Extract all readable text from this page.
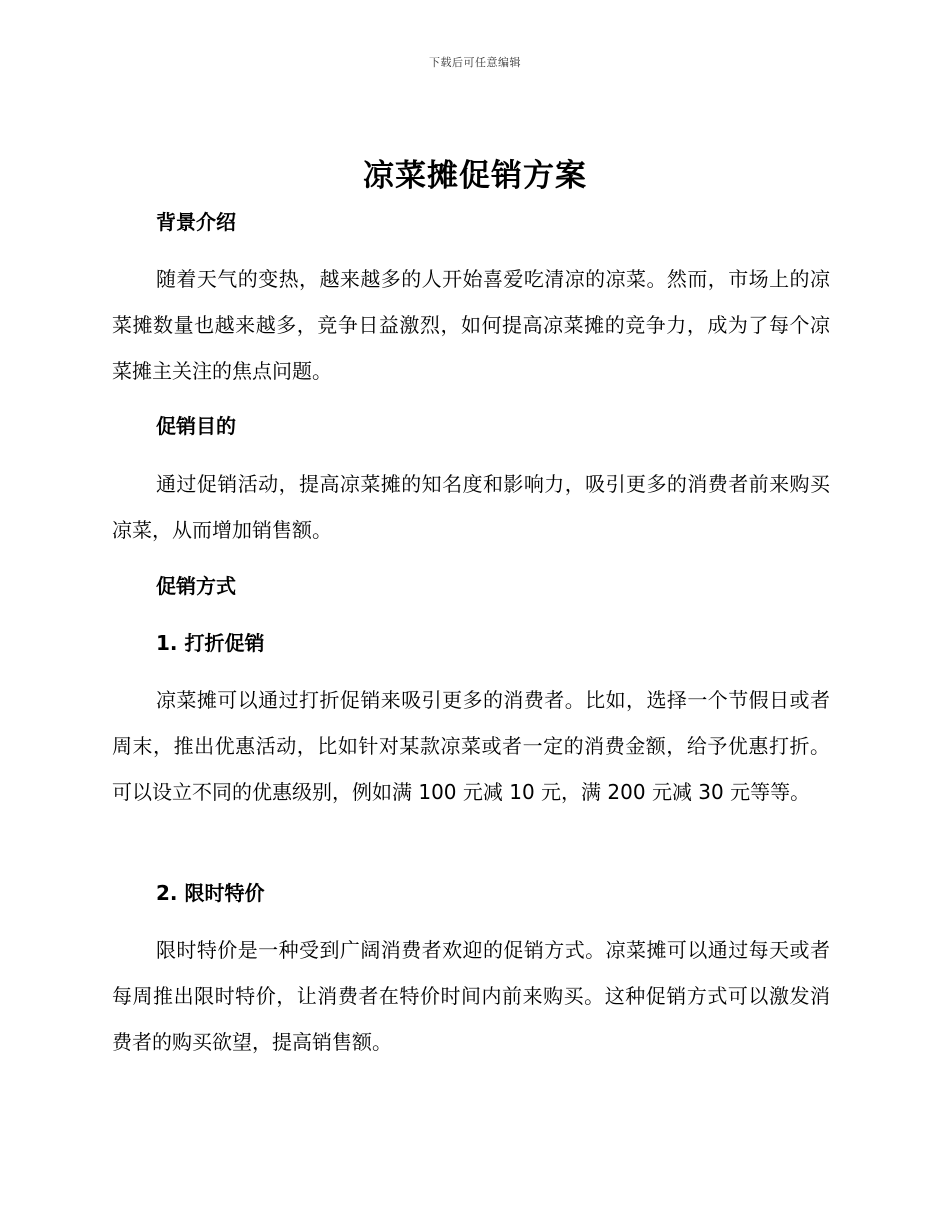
下载后可任意编辑
凉菜摊促销方案
背景介绍

随着天气的变热，越来越多的人开始喜爱吃清凉的凉菜。然而，市场上的凉菜摊数量也越来越多，竞争日益激烈，如何提高凉菜摊的竞争力，成为了每个凉菜摊主关注的焦点问题。

促销目的

通过促销活动，提高凉菜摊的知名度和影响力，吸引更多的消费者前来购买凉菜，从而增加销售额。

促销方式
1. 打折促销

凉菜摊可以通过打折促销来吸引更多的消费者。比如，选择一个节假日或者周末，推出优惠活动，比如针对某款凉菜或者一定的消费金额，给予优惠打折。可以设立不同的优惠级别，例如满 100 元减 10 元，满 200 元减 30 元等等。

2. 限时特价

限时特价是一种受到广阔消费者欢迎的促销方式。凉菜摊可以通过每天或者每周推出限时特价，让消费者在特价时间内前来购买。这种促销方式可以激发消费者的购买欲望，提高销售额。
